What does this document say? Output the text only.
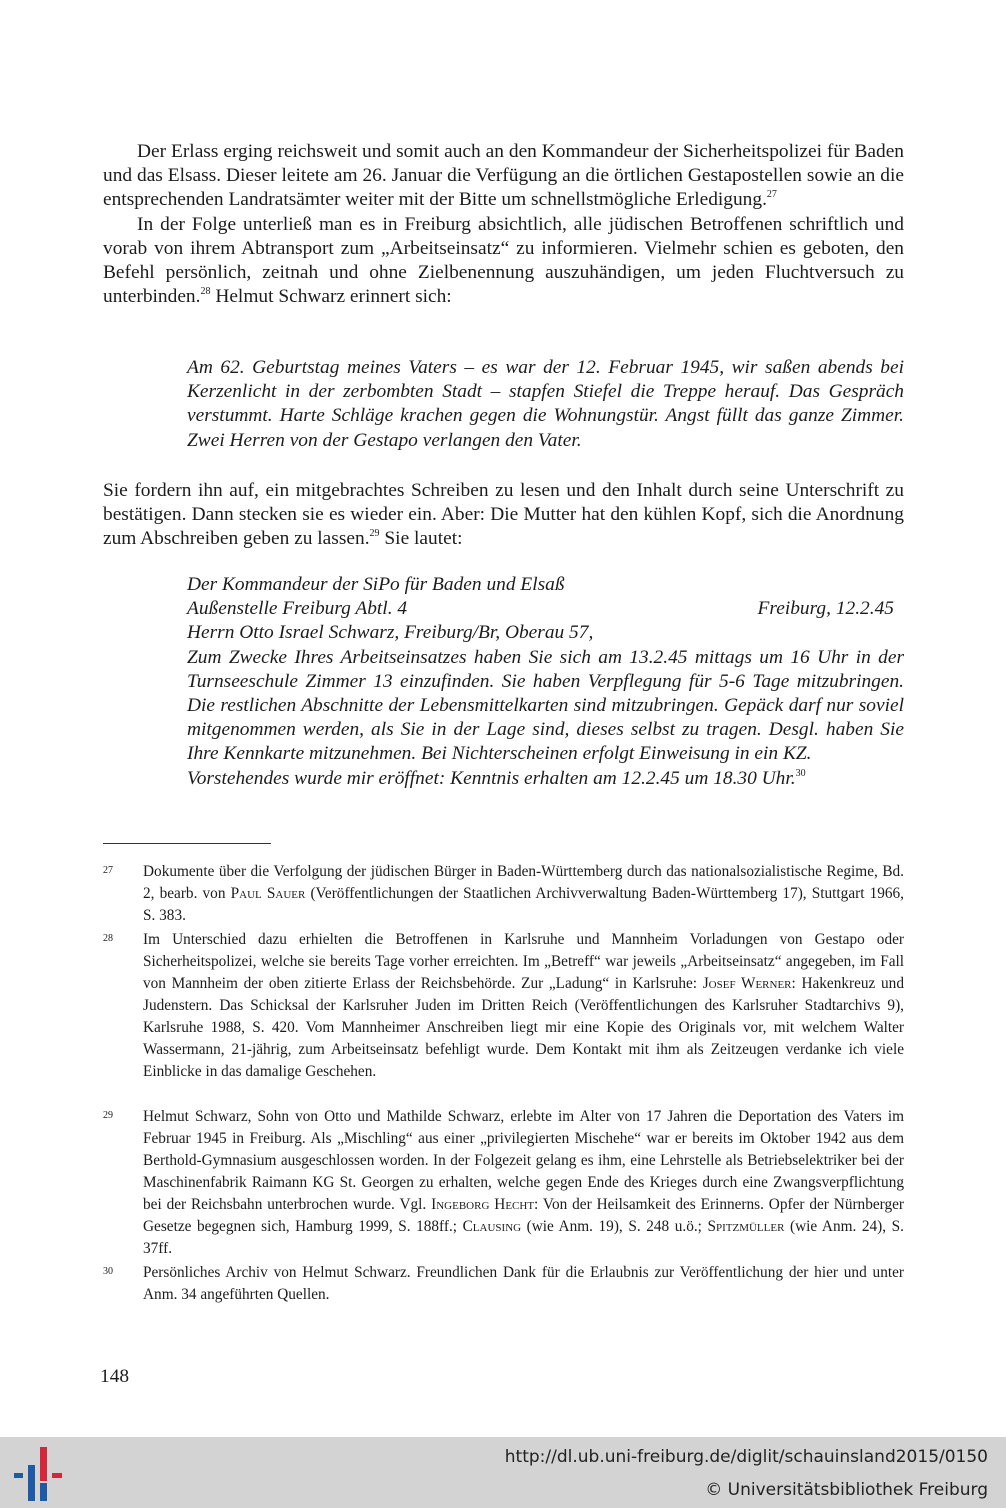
Der Erlass erging reichsweit und somit auch an den Kommandeur der Sicherheitspolizei für Baden und das Elsass. Dieser leitete am 26. Januar die Verfügung an die örtlichen Gestapostellen sowie an die entsprechenden Landratsämter weiter mit der Bitte um schnellstmögliche Erledigung.$^{27}$

In der Folge unterließ man es in Freiburg absichtlich, alle jüdischen Betroffenen schriftlich und vorab von ihrem Abtransport zum „Arbeitseinsatz“ zu informieren. Vielmehr schien es geboten, den Befehl persönlich, zeitnah und ohne Zielbenennung auszuhändigen, um jeden Fluchtversuch zu unterbinden.$^{28}$ Helmut Schwarz erinnert sich:

Am 62. Geburtstag meines Vaters – es war der 12. Februar 1945, wir saßen abends bei Kerzenlicht in der zerbombten Stadt – stapfen Stiefel die Treppe herauf. Das Gespräch verstummt. Harte Schläge krachen gegen die Wohnungstür. Angst füllt das ganze Zimmer. Zwei Herren von der Gestapo verlangen den Vater.

Sie fordern ihn auf, ein mitgebrachtes Schreiben zu lesen und den Inhalt durch seine Unterschrift zu bestätigen. Dann stecken sie es wieder ein. Aber: Die Mutter hat den kühlen Kopf, sich die Anordnung zum Abschreiben geben zu lassen.$^{29}$ Sie lautet:

Der Kommandeur der SiPo für Baden und Elsaß
Außenstelle Freiburg Abtl. 4	Freiburg, 12.2.45
Herrn Otto Israel Schwarz, Freiburg/Br, Oberau 57,
Zum Zwecke Ihres Arbeitseinsatzes haben Sie sich am 13.2.45 mittags um 16 Uhr in der Turnseeschule Zimmer 13 einzufinden. Sie haben Verpflegung für 5-6 Tage mitzubringen. Die restlichen Abschnitte der Lebensmittelkarten sind mitzubringen. Gepäck darf nur soviel mitgenommen werden, als Sie in der Lage sind, dieses selbst zu tragen. Desgl. haben Sie Ihre Kennkarte mitzunehmen. Bei Nichterscheinen erfolgt Einweisung in ein KZ.
Vorstehendes wurde mir eröffnet: Kenntnis erhalten am 12.2.45 um 18.30 Uhr.$^{30}$
27 Dokumente über die Verfolgung der jüdischen Bürger in Baden-Württemberg durch das nationalsozialistische Regime, Bd. 2, bearb. von Paul Sauer (Veröffentlichungen der Staatlichen Archivverwaltung Baden-Württemberg 17), Stuttgart 1966, S. 383.
28 Im Unterschied dazu erhielten die Betroffenen in Karlsruhe und Mannheim Vorladungen von Gestapo oder Sicherheitspolizei, welche sie bereits Tage vorher erreichten. Im „Betreff“ war jeweils „Arbeitseinsatz“ angegeben, im Fall von Mannheim der oben zitierte Erlass der Reichsbehörde. Zur „Ladung“ in Karlsruhe: Josef Werner: Hakenkreuz und Judenstern. Das Schicksal der Karlsruher Juden im Dritten Reich (Veröffentlichungen des Karlsruher Stadtarchivs 9), Karlsruhe 1988, S. 420. Vom Mannheimer Anschreiben liegt mir eine Kopie des Originals vor, mit welchem Walter Wassermann, 21-jährig, zum Arbeitseinsatz befehligt wurde. Dem Kontakt mit ihm als Zeitzeugen verdanke ich viele Einblicke in das damalige Geschehen.
29 Helmut Schwarz, Sohn von Otto und Mathilde Schwarz, erlebte im Alter von 17 Jahren die Deportation des Vaters im Februar 1945 in Freiburg. Als „Mischling“ aus einer „privilegierten Mischehe“ war er bereits im Oktober 1942 aus dem Berthold-Gymnasium ausgeschlossen worden. In der Folgezeit gelang es ihm, eine Lehrstelle als Betriebselektriker bei der Maschinenfabrik Raimann KG St. Georgen zu erhalten, welche gegen Ende des Krieges durch eine Zwangsverpflichtung bei der Reichsbahn unterbrochen wurde. Vgl. Ingeborg Hecht: Von der Heilsamkeit des Erinnerns. Opfer der Nürnberger Gesetze begegnen sich, Hamburg 1999, S. 188ff.; Clausing (wie Anm. 19), S. 248 u.ö.; Spitzmüller (wie Anm. 24), S. 37ff.
30 Persönliches Archiv von Helmut Schwarz. Freundlichen Dank für die Erlaubnis zur Veröffentlichung der hier und unter Anm. 34 angeführten Quellen.
148
http://dl.ub.uni-freiburg.de/diglit/schauinsland2015/0150
© Universitätsbibliothek Freiburg
